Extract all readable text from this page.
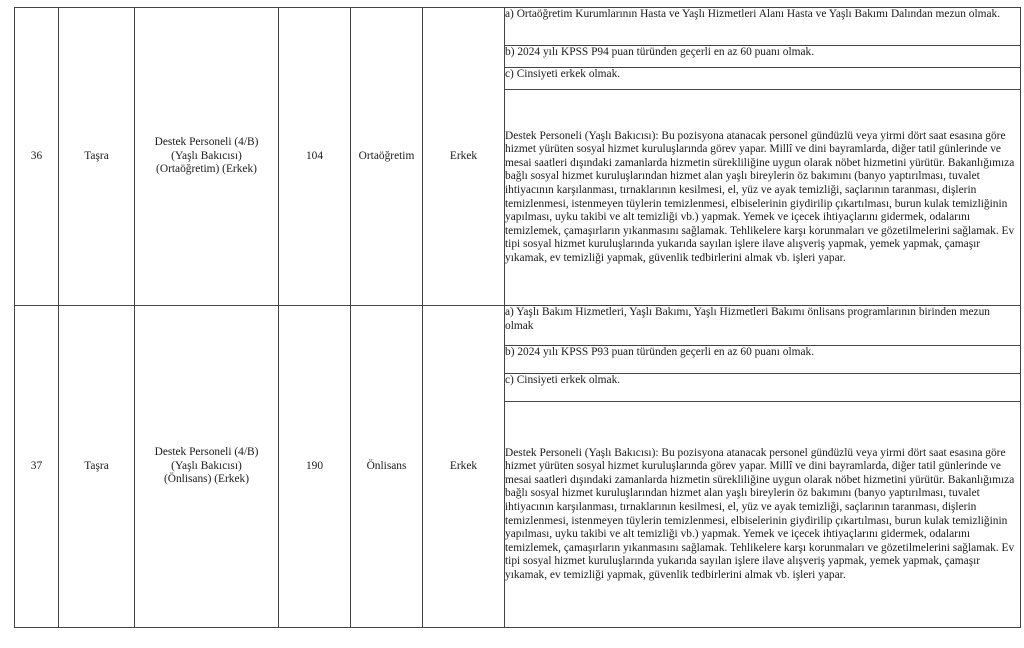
36	Taşra	Destek Personeli (4/B)
(Yaşlı Bakıcısı)
(Ortaöğretim) (Erkek)	104	Ortaöğretim	Erkek	a) Ortaöğretim Kurumlarının Hasta ve Yaşlı Hizmetleri Alanı Hasta ve Yaşlı Bakımı Dalından mezun olmak.
						b) 2024 yılı KPSS P94 puan türünden geçerli en az 60 puanı olmak.
						c) Cinsiyeti erkek olmak.
						Destek Personeli (Yaşlı Bakıcısı): Bu pozisyona atanacak personel gündüzlü veya yirmi dört saat esasına göre hizmet yürüten sosyal hizmet kuruluşlarında görev yapar. Millî ve dini bayramlarda, diğer tatil günlerinde ve mesai saatleri dışındaki zamanlarda hizmetin sürekliliğine uygun olarak nöbet hizmetini yürütür. Bakanlığımıza bağlı sosyal hizmet kuruluşlarından hizmet alan yaşlı bireylerin öz bakımını (banyo yaptırılması, tuvalet ihtiyacının karşılanması, tırnaklarının kesilmesi, el, yüz ve ayak temizliği, saçlarının taranması, dişlerin temizlenmesi, istenmeyen tüylerin temizlenmesi, elbiselerinin giydirilip çıkartılması, burun kulak temizliğinin yapılması, uyku takibi ve alt temizliği vb.) yapmak. Yemek ve içecek ihtiyaçlarını gidermek, odalarını temizlemek, çamaşırların yıkanmasını sağlamak. Tehlikelere karşı korunmaları ve gözetilmelerini sağlamak. Ev tipi sosyal hizmet kuruluşlarında yukarıda sayılan işlere ilave alışveriş yapmak, yemek yapmak, çamaşır yıkamak, ev temizliği yapmak, güvenlik tedbirlerini almak vb. işleri yapar.
37	Taşra	Destek Personeli (4/B)
(Yaşlı Bakıcısı)
(Önlisans) (Erkek)	190	Önlisans	Erkek	a) Yaşlı Bakım Hizmetleri, Yaşlı Bakımı, Yaşlı Hizmetleri Bakımı önlisans programlarının birinden mezun olmak
						b) 2024 yılı KPSS P93 puan türünden geçerli en az 60 puanı olmak.
						c) Cinsiyeti erkek olmak.
						Destek Personeli (Yaşlı Bakıcısı): Bu pozisyona atanacak personel gündüzlü veya yirmi dört saat esasına göre hizmet yürüten sosyal hizmet kuruluşlarında görev yapar. Millî ve dini bayramlarda, diğer tatil günlerinde ve mesai saatleri dışındaki zamanlarda hizmetin sürekliliğine uygun olarak nöbet hizmetini yürütür. Bakanlığımıza bağlı sosyal hizmet kuruluşlarından hizmet alan yaşlı bireylerin öz bakımını (banyo yaptırılması, tuvalet ihtiyacının karşılanması, tırnaklarının kesilmesi, el, yüz ve ayak temizliği, saçlarının taranması, dişlerin temizlenmesi, istenmeyen tüylerin temizlenmesi, elbiselerinin giydirilip çıkartılması, burun kulak temizliğinin yapılması, uyku takibi ve alt temizliği vb.) yapmak. Yemek ve içecek ihtiyaçlarını gidermek, odalarını temizlemek, çamaşırların yıkanmasını sağlamak. Tehlikelere karşı korunmaları ve gözetilmelerini sağlamak. Ev tipi sosyal hizmet kuruluşlarında yukarıda sayılan işlere ilave alışveriş yapmak, yemek yapmak, çamaşır yıkamak, ev temizliği yapmak, güvenlik tedbirlerini almak vb. işleri yapar.
